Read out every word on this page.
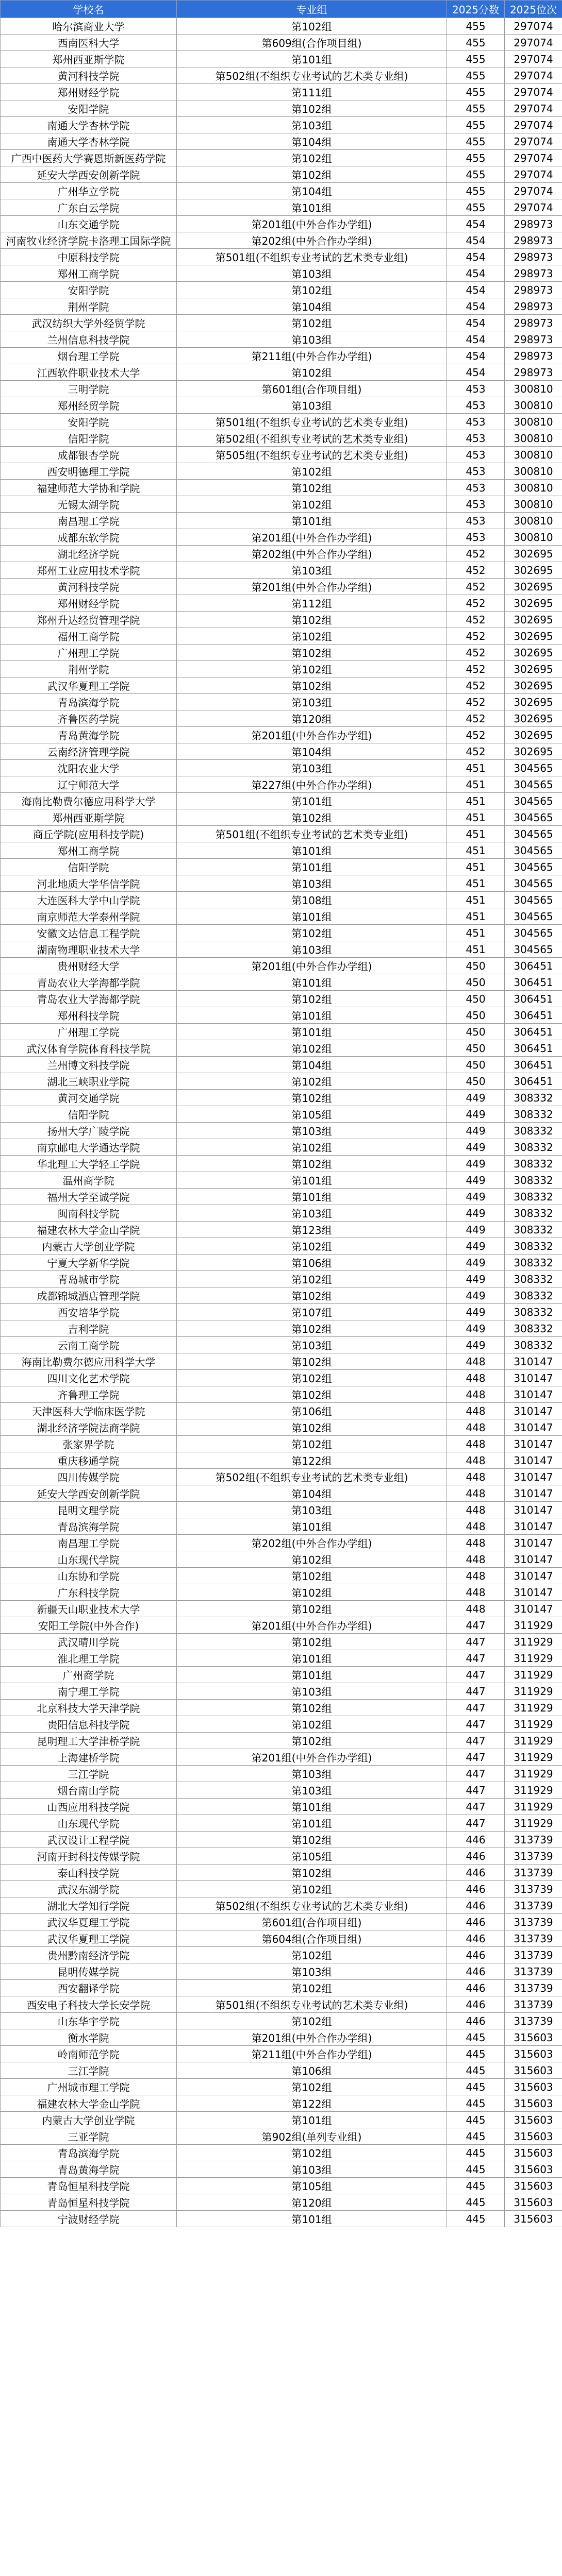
学校名	专业组	2025分数	2025位次
哈尔滨商业大学	第102组	455	297074
西南医科大学	第609组(合作项目组)	455	297074
郑州西亚斯学院	第101组	455	297074
黄河科技学院	第502组(不组织专业考试的艺术类专业组)	455	297074
郑州财经学院	第111组	455	297074
安阳学院	第102组	455	297074
南通大学杏林学院	第103组	455	297074
南通大学杏林学院	第104组	455	297074
广西中医药大学赛恩斯新医药学院	第102组	455	297074
延安大学西安创新学院	第102组	455	297074
广州华立学院	第104组	455	297074
广东白云学院	第101组	455	297074
山东交通学院	第201组(中外合作办学组)	454	298973
河南牧业经济学院卡洛理工国际学院	第202组(中外合作办学组)	454	298973
中原科技学院	第501组(不组织专业考试的艺术类专业组)	454	298973
郑州工商学院	第103组	454	298973
安阳学院	第102组	454	298973
荆州学院	第104组	454	298973
武汉纺织大学外经贸学院	第102组	454	298973
兰州信息科技学院	第103组	454	298973
烟台理工学院	第211组(中外合作办学组)	454	298973
江西软件职业技术大学	第102组	454	298973
三明学院	第601组(合作项目组)	453	300810
郑州经贸学院	第103组	453	300810
安阳学院	第501组(不组织专业考试的艺术类专业组)	453	300810
信阳学院	第502组(不组织专业考试的艺术类专业组)	453	300810
成都银杏学院	第505组(不组织专业考试的艺术类专业组)	453	300810
西安明德理工学院	第102组	453	300810
福建师范大学协和学院	第102组	453	300810
无锡太湖学院	第102组	453	300810
南昌理工学院	第101组	453	300810
成都东软学院	第201组(中外合作办学组)	453	300810
湖北经济学院	第202组(中外合作办学组)	452	302695
郑州工业应用技术学院	第103组	452	302695
黄河科技学院	第201组(中外合作办学组)	452	302695
郑州财经学院	第112组	452	302695
郑州升达经贸管理学院	第102组	452	302695
福州工商学院	第102组	452	302695
广州理工学院	第102组	452	302695
荆州学院	第102组	452	302695
武汉华夏理工学院	第102组	452	302695
青岛滨海学院	第103组	452	302695
齐鲁医药学院	第120组	452	302695
青岛黄海学院	第201组(中外合作办学组)	452	302695
云南经济管理学院	第104组	452	302695
沈阳农业大学	第103组	451	304565
辽宁师范大学	第227组(中外合作办学组)	451	304565
海南比勒费尔德应用科学大学	第101组	451	304565
郑州西亚斯学院	第102组	451	304565
商丘学院(应用科技学院)	第501组(不组织专业考试的艺术类专业组)	451	304565
郑州工商学院	第101组	451	304565
信阳学院	第101组	451	304565
河北地质大学华信学院	第103组	451	304565
大连医科大学中山学院	第108组	451	304565
南京师范大学泰州学院	第101组	451	304565
安徽文达信息工程学院	第102组	451	304565
湖南物理职业技术大学	第103组	451	304565
贵州财经大学	第201组(中外合作办学组)	450	306451
青岛农业大学海都学院	第101组	450	306451
青岛农业大学海都学院	第102组	450	306451
郑州科技学院	第101组	450	306451
广州理工学院	第101组	450	306451
武汉体育学院体育科技学院	第102组	450	306451
兰州博文科技学院	第104组	450	306451
湖北三峡职业学院	第102组	450	306451
黄河交通学院	第102组	449	308332
信阳学院	第105组	449	308332
扬州大学广陵学院	第103组	449	308332
南京邮电大学通达学院	第102组	449	308332
华北理工大学轻工学院	第102组	449	308332
温州商学院	第101组	449	308332
福州大学至诚学院	第101组	449	308332
闽南科技学院	第103组	449	308332
福建农林大学金山学院	第123组	449	308332
内蒙古大学创业学院	第102组	449	308332
宁夏大学新华学院	第106组	449	308332
青岛城市学院	第102组	449	308332
成都锦城酒店管理学院	第102组	449	308332
西安培华学院	第107组	449	308332
吉利学院	第102组	449	308332
云南工商学院	第103组	449	308332
海南比勒费尔德应用科学大学	第102组	448	310147
四川文化艺术学院	第102组	448	310147
齐鲁理工学院	第102组	448	310147
天津医科大学临床医学院	第106组	448	310147
湖北经济学院法商学院	第102组	448	310147
张家界学院	第102组	448	310147
重庆移通学院	第122组	448	310147
四川传媒学院	第502组(不组织专业考试的艺术类专业组)	448	310147
延安大学西安创新学院	第104组	448	310147
昆明文理学院	第103组	448	310147
青岛滨海学院	第101组	448	310147
南昌理工学院	第202组(中外合作办学组)	448	310147
山东现代学院	第102组	448	310147
山东协和学院	第102组	448	310147
广东科技学院	第102组	448	310147
新疆天山职业技术大学	第102组	448	310147
安阳工学院(中外合作)	第201组(中外合作办学组)	447	311929
武汉晴川学院	第102组	447	311929
淮北理工学院	第101组	447	311929
广州商学院	第101组	447	311929
南宁理工学院	第103组	447	311929
北京科技大学天津学院	第102组	447	311929
贵阳信息科技学院	第102组	447	311929
昆明理工大学津桥学院	第102组	447	311929
上海建桥学院	第201组(中外合作办学组)	447	311929
三江学院	第103组	447	311929
烟台南山学院	第103组	447	311929
山西应用科技学院	第101组	447	311929
山东现代学院	第101组	447	311929
武汉设计工程学院	第102组	446	313739
河南开封科技传媒学院	第105组	446	313739
泰山科技学院	第102组	446	313739
武汉东湖学院	第102组	446	313739
湖北大学知行学院	第502组(不组织专业考试的艺术类专业组)	446	313739
武汉华夏理工学院	第601组(合作项目组)	446	313739
武汉华夏理工学院	第604组(合作项目组)	446	313739
贵州黔南经济学院	第102组	446	313739
昆明传媒学院	第103组	446	313739
西安翻译学院	第102组	446	313739
西安电子科技大学长安学院	第501组(不组织专业考试的艺术类专业组)	446	313739
山东华宇学院	第102组	446	313739
衡水学院	第201组(中外合作办学组)	445	315603
岭南师范学院	第211组(中外合作办学组)	445	315603
三江学院	第106组	445	315603
广州城市理工学院	第102组	445	315603
福建农林大学金山学院	第122组	445	315603
内蒙古大学创业学院	第101组	445	315603
三亚学院	第902组(单列专业组)	445	315603
青岛滨海学院	第102组	445	315603
青岛黄海学院	第103组	445	315603
青岛恒星科技学院	第105组	445	315603
青岛恒星科技学院	第120组	445	315603
宁波财经学院	第101组	445	315603
